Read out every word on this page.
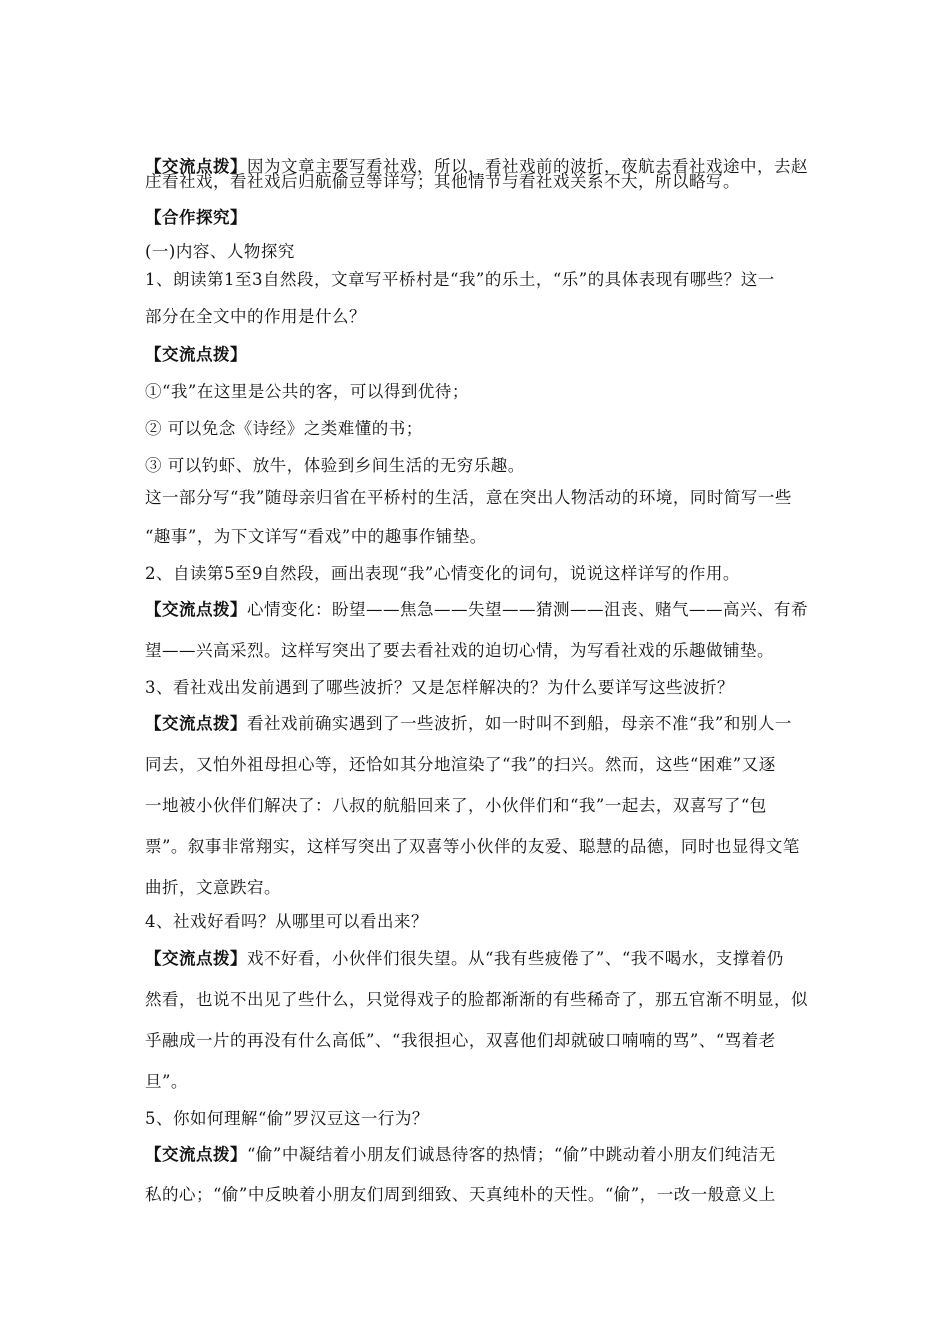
【交流点拨】因为文章主要写看社戏，所以，看社戏前的波折，夜航去看社戏途中，去赵
庄看社戏，看社戏后归航偷豆等详写；其他情节与看社戏关系不大，所以略写。
【合作探究】
(一)内容、人物探究
1、朗读第1至3自然段，文章写平桥村是“我”的乐土，“乐”的具体表现有哪些？这一
部分在全文中的作用是什么？
【交流点拨】
①“我”在这里是公共的客，可以得到优待；
② 可以免念《诗经》之类难懂的书；
③ 可以钓虾、放牛，体验到乡间生活的无穷乐趣。
这一部分写“我”随母亲归省在平桥村的生活，意在突出人物活动的环境，同时简写一些
“趣事”，为下文详写“看戏”中的趣事作铺垫。
2、自读第5至9自然段，画出表现“我”心情变化的词句，说说这样详写的作用。
【交流点拨】心情变化：盼望——焦急——失望——猜测——沮丧、赌气——高兴、有希
望——兴高采烈。这样写突出了要去看社戏的迫切心情，为写看社戏的乐趣做铺垫。
3、看社戏出发前遇到了哪些波折？又是怎样解决的？为什么要详写这些波折？
【交流点拨】看社戏前确实遇到了一些波折，如一时叫不到船，母亲不准“我”和别人一
同去，又怕外祖母担心等，还恰如其分地渲染了“我”的扫兴。然而，这些“困难”又逐
一地被小伙伴们解决了：八叔的航船回来了，小伙伴们和“我”一起去，双喜写了“包
票”。叙事非常翔实，这样写突出了双喜等小伙伴的友爱、聪慧的品德，同时也显得文笔
曲折，文意跌宕。
4、社戏好看吗？从哪里可以看出来？
【交流点拨】戏不好看，小伙伴们很失望。从“我有些疲倦了”、“我不喝水，支撑着仍
然看，也说不出见了些什么，只觉得戏子的脸都渐渐的有些稀奇了，那五官渐不明显，似
乎融成一片的再没有什么高低”、“我很担心，双喜他们却就破口喃喃的骂”、“骂着老
旦”。
5、你如何理解“偷”罗汉豆这一行为？
【交流点拨】“偷”中凝结着小朋友们诚恳待客的热情；“偷”中跳动着小朋友们纯洁无
私的心；“偷”中反映着小朋友们周到细致、天真纯朴的天性。“偷”，一改一般意义上
